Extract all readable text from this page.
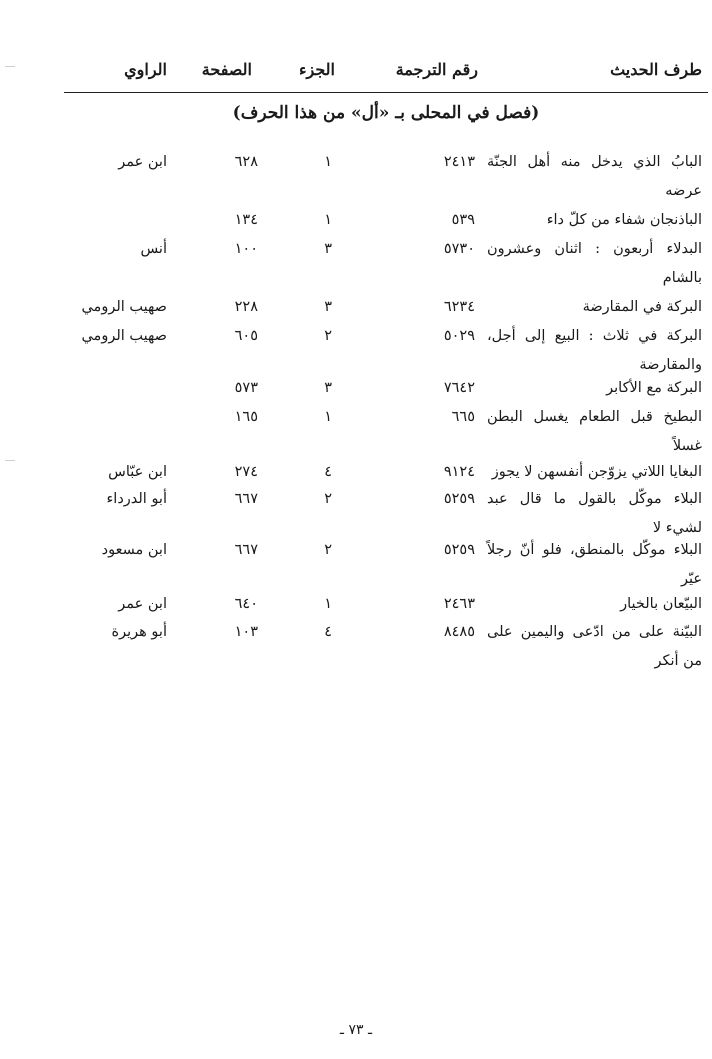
طرف الحديث
رقم الترجمة
الجزء
الصفحة
الراوي
(فصل في المحلى بـ «أل» من هذا الحرف)
البابُ الذي يدخل منه أهل الجنّة عرضه
٢٤١٣
١
٦٢٨
ابن عمر
الباذنجان شفاء من كلّ داء
٥٣٩
١
١٣٤
البدلاء أربعون : اثنان وعشرون بالشام
٥٧٣٠
٣
١٠٠
أنس
البركة في المقارضة
٦٢٣٤
٣
٢٢٨
صهيب الرومي
البركة في ثلاث : البيع إلى أجل، والمقارضة
٥٠٢٩
٢
٦٠٥
صهيب الرومي
البركة مع الأكابر
٧٦٤٢
٣
٥٧٣
البطيخ قبل الطعام يغسل البطن غسلاً
٦٦٥
١
١٦٥
البغايا اللاتي يزوّجن أنفسهن لا يجوز
٩١٢٤
٤
٢٧٤
ابن عبّاس
البلاء موكّل بالقول ما قال عبد لشيء لا
٥٢٥٩
٢
٦٦٧
أبو الدرداء
البلاء موكّل بالمنطق، فلو أنّ رجلاً عيّر
٥٢٥٩
٢
٦٦٧
ابن مسعود
البيّعان بالخيار
٢٤٦٣
١
٦٤٠
ابن عمر
البيّنة على من ادّعى واليمين على من أنكر
٨٤٨٥
٤
١٠٣
أبو هريرة
ـ ٧٣ ـ
